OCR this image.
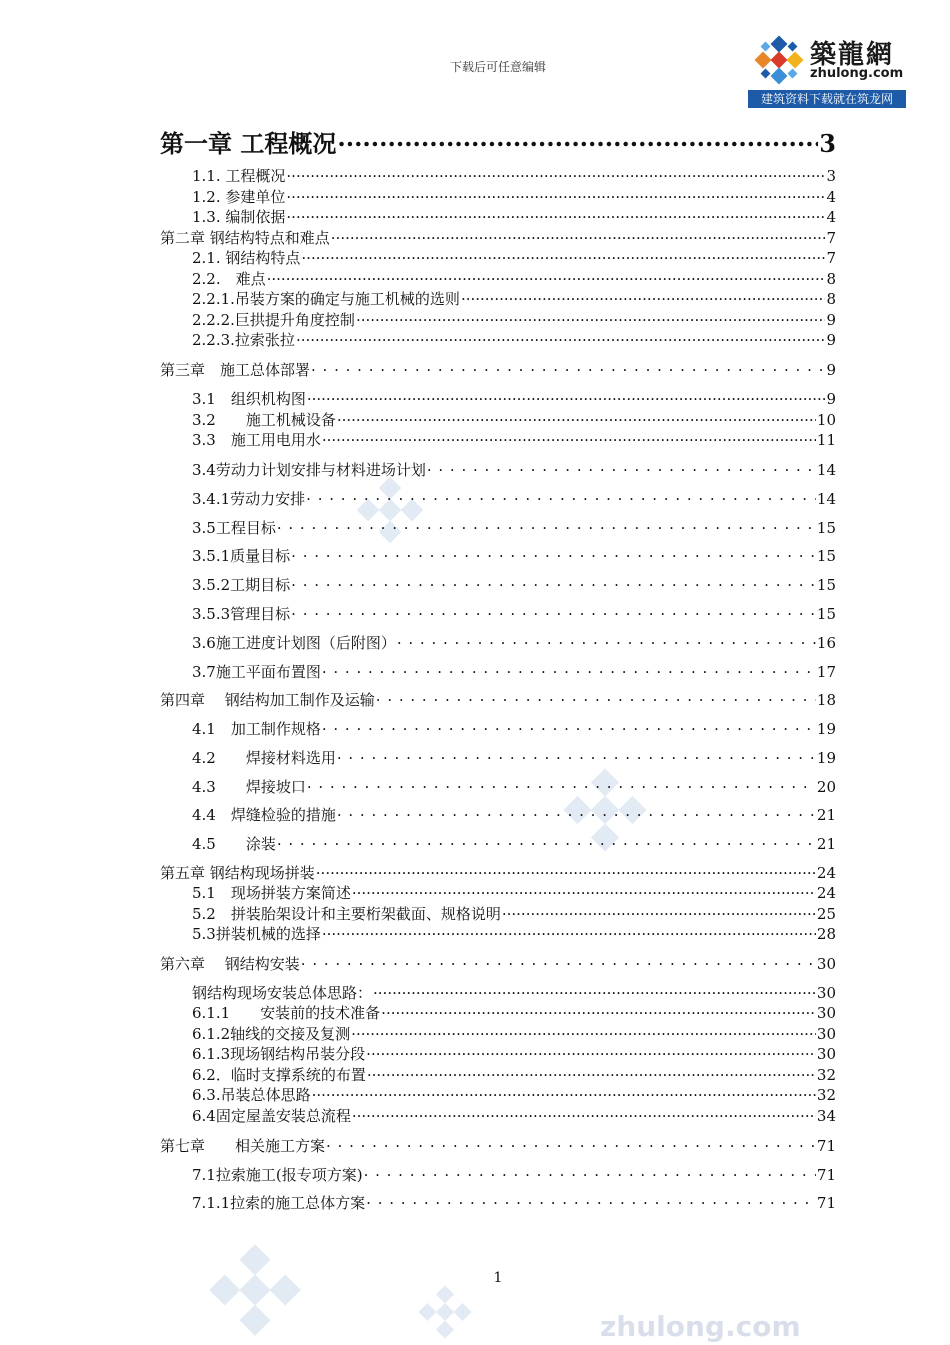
下载后可任意编辑	築龍網
zhulong.com
建筑资料下载就在筑龙网
第一章 工程概况 .....	3
1.1. 工程概况 .....	3
1.2. 参建单位 .....	4
1.3. 编制依据 .....	4
第二章 钢结构特点和难点 .....	7
2.1. 钢结构特点 .....	7
2.2.　难点 .....	8
2.2.1.吊装方案的确定与施工机械的选则 .....	8
2.2.2.巨拱提升角度控制 .....	9
2.2.3.拉索张拉 .....	9
第三章　施工总体部署 . . .	9
3.1　组织机构图 .....	9
3.2　　施工机械设备 .....	10
3.3　施工用电用水 .....	11
3.4劳动力计划安排与材料进场计划 . . .	14
3.4.1劳动力安排 . . .	14
3.5工程目标 . . .	15
3.5.1质量目标 . . .	15
3.5.2工期目标 . . .	15
3.5.3管理目标 . . .	15
3.6施工进度计划图（后附图） . . .	16
3.7施工平面布置图 . . .	17
第四章　 钢结构加工制作及运输 . . .	18
4.1　加工制作规格 . . .	19
4.2　　焊接材料选用 . . .	19
4.3　　焊接坡口 . . .	20
4.4　焊缝检验的措施 . . .	21
4.5　　涂装 . . .	21
第五章 钢结构现场拼装 .....	24
5.1　现场拼装方案简述 .....	24
5.2　拼装胎架设计和主要桁架截面、规格说明 .....	25
5.3拼装机械的选择 .....	28
第六章　 钢结构安装 . . .	30
钢结构现场安装总体思路： .....	30
6.1.1　　安装前的技术准备 .....	30
6.1.2轴线的交接及复测 .....	30
6.1.3现场钢结构吊装分段 .....	30
6.2．临时支撑系统的布置 .....	32
6.3.吊装总体思路 .....	32
6.4固定屋盖安装总流程 .....	34
第七章　　相关施工方案 . . .	71
7.1拉索施工(报专项方案) . . .	71
7.1.1拉索的施工总体方案 . . .	71
1
zhulong.com
